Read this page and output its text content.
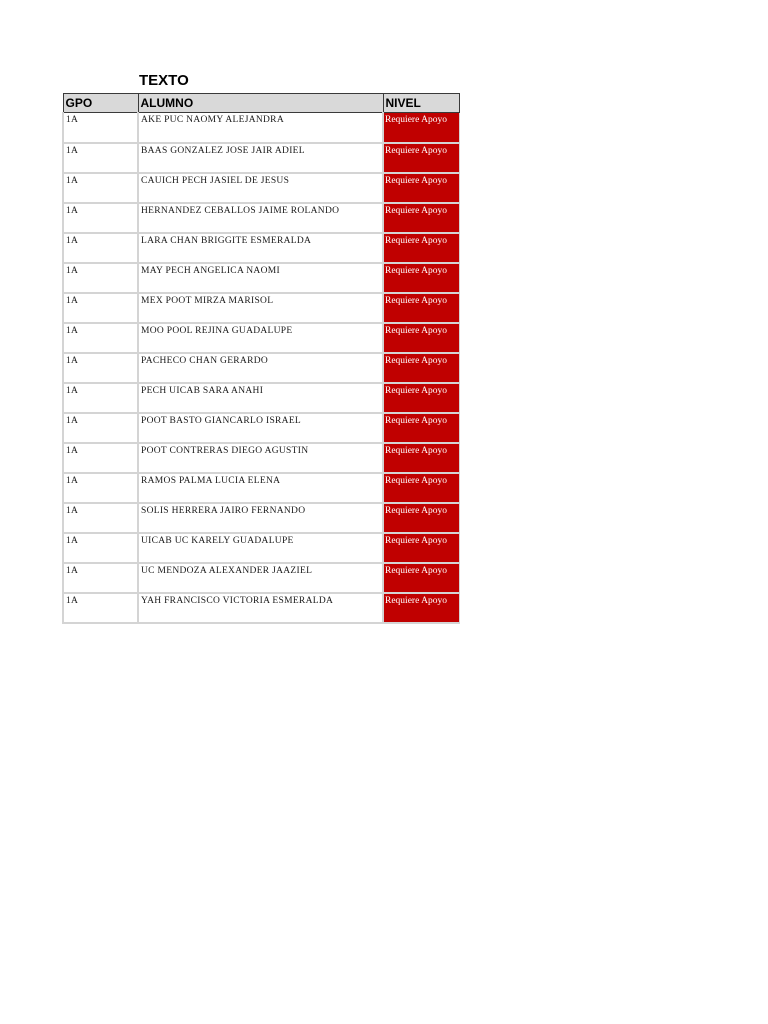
TEXTO
GPO	ALUMNO	NIVEL
1A	AKE PUC NAOMY ALEJANDRA	Requiere Apoyo
1A	BAAS GONZALEZ JOSE JAIR ADIEL	Requiere Apoyo
1A	CAUICH PECH JASIEL DE JESUS	Requiere Apoyo
1A	HERNANDEZ CEBALLOS JAIME ROLANDO	Requiere Apoyo
1A	LARA CHAN BRIGGITE ESMERALDA	Requiere Apoyo
1A	MAY PECH ANGELICA NAOMI	Requiere Apoyo
1A	MEX POOT MIRZA MARISOL	Requiere Apoyo
1A	MOO POOL REJINA GUADALUPE	Requiere Apoyo
1A	PACHECO CHAN GERARDO	Requiere Apoyo
1A	PECH UICAB SARA ANAHI	Requiere Apoyo
1A	POOT BASTO GIANCARLO ISRAEL	Requiere Apoyo
1A	POOT CONTRERAS DIEGO AGUSTIN	Requiere Apoyo
1A	RAMOS PALMA LUCIA ELENA	Requiere Apoyo
1A	SOLIS HERRERA JAIRO FERNANDO	Requiere Apoyo
1A	UICAB UC KARELY GUADALUPE	Requiere Apoyo
1A	UC MENDOZA ALEXANDER JAAZIEL	Requiere Apoyo
1A	YAH FRANCISCO VICTORIA ESMERALDA	Requiere Apoyo
